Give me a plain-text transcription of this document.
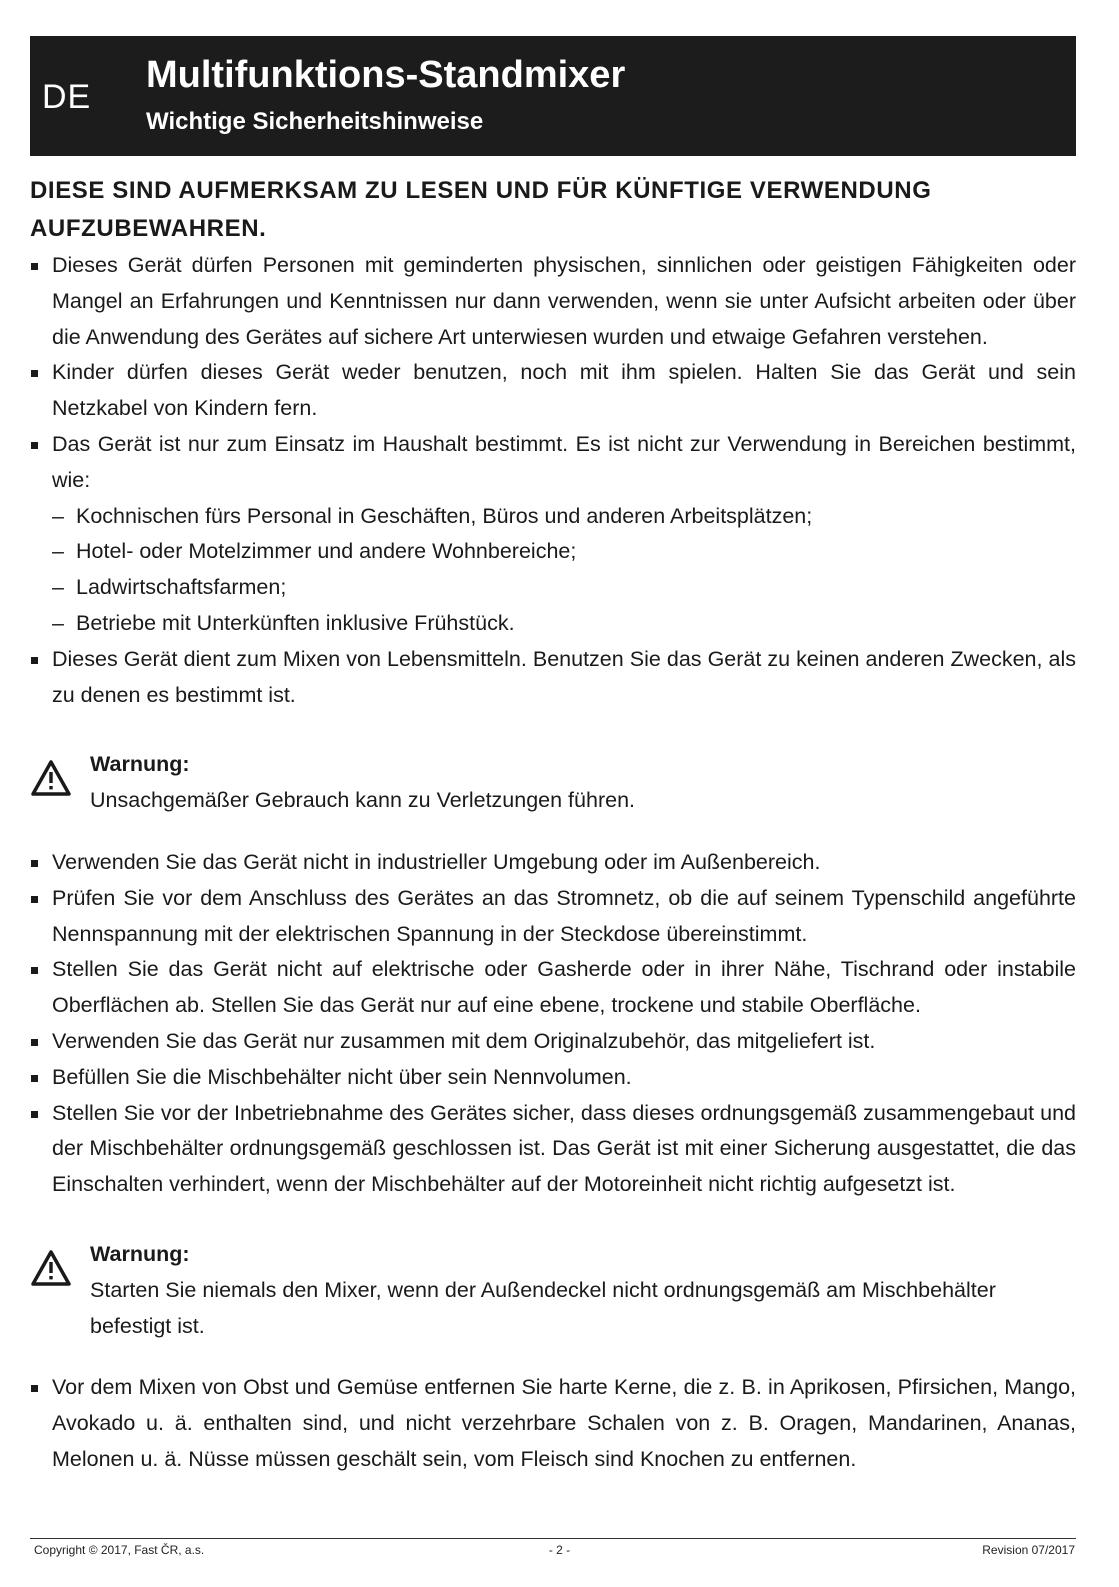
DE
Multifunktions-Standmixer
Wichtige Sicherheitshinweise

DIESE SIND AUFMERKSAM ZU LESEN UND FÜR KÜNFTIGE VERWENDUNG AUFZUBEWAHREN.

Dieses Gerät dürfen Personen mit geminderten physischen, sinnlichen oder geistigen Fähigkeiten oder Mangel an Erfahrungen und Kenntnissen nur dann verwenden, wenn sie unter Aufsicht arbeiten oder über die Anwendung des Gerätes auf sichere Art unterwiesen wurden und etwaige Gefahren verstehen.
Kinder dürfen dieses Gerät weder benutzen, noch mit ihm spielen. Halten Sie das Gerät und sein Netzkabel von Kindern fern.
Das Gerät ist nur zum Einsatz im Haushalt bestimmt. Es ist nicht zur Verwendung in Bereichen bestimmt, wie:
– Kochnischen fürs Personal in Geschäften, Büros und anderen Arbeitsplätzen;
– Hotel- oder Motelzimmer und andere Wohnbereiche;
– Ladwirtschaftsfarmen;
– Betriebe mit Unterkünften inklusive Frühstück.
Dieses Gerät dient zum Mixen von Lebensmitteln. Benutzen Sie das Gerät zu keinen anderen Zwecken, als zu denen es bestimmt ist.
Warnung:
Unsachgemäßer Gebrauch kann zu Verletzungen führen.
Verwenden Sie das Gerät nicht in industrieller Umgebung oder im Außenbereich.
Prüfen Sie vor dem Anschluss des Gerätes an das Stromnetz, ob die auf seinem Typenschild angeführte Nennspannung mit der elektrischen Spannung in der Steckdose übereinstimmt.
Stellen Sie das Gerät nicht auf elektrische oder Gasherde oder in ihrer Nähe, Tischrand oder instabile Oberflächen ab. Stellen Sie das Gerät nur auf eine ebene, trockene und stabile Oberfläche.
Verwenden Sie das Gerät nur zusammen mit dem Originalzubehör, das mitgeliefert ist.
Befüllen Sie die Mischbehälter nicht über sein Nennvolumen.
Stellen Sie vor der Inbetriebnahme des Gerätes sicher, dass dieses ordnungsgemäß zusammengebaut und der Mischbehälter ordnungsgemäß geschlossen ist. Das Gerät ist mit einer Sicherung ausgestattet, die das Einschalten verhindert, wenn der Mischbehälter auf der Motoreinheit nicht richtig aufgesetzt ist.
Warnung:
Starten Sie niemals den Mixer, wenn der Außendeckel nicht ordnungsgemäß am Mischbehälter befestigt ist.
Vor dem Mixen von Obst und Gemüse entfernen Sie harte Kerne, die z. B. in Aprikosen, Pfirsichen, Mango, Avokado u. ä. enthalten sind, und nicht verzehrbare Schalen von z. B. Oragen, Mandarinen, Ananas, Melonen u. ä. Nüsse müssen geschält sein, vom Fleisch sind Knochen zu entfernen.
Copyright © 2017, Fast ČR, a.s.	- 2 -	Revision 07/2017
